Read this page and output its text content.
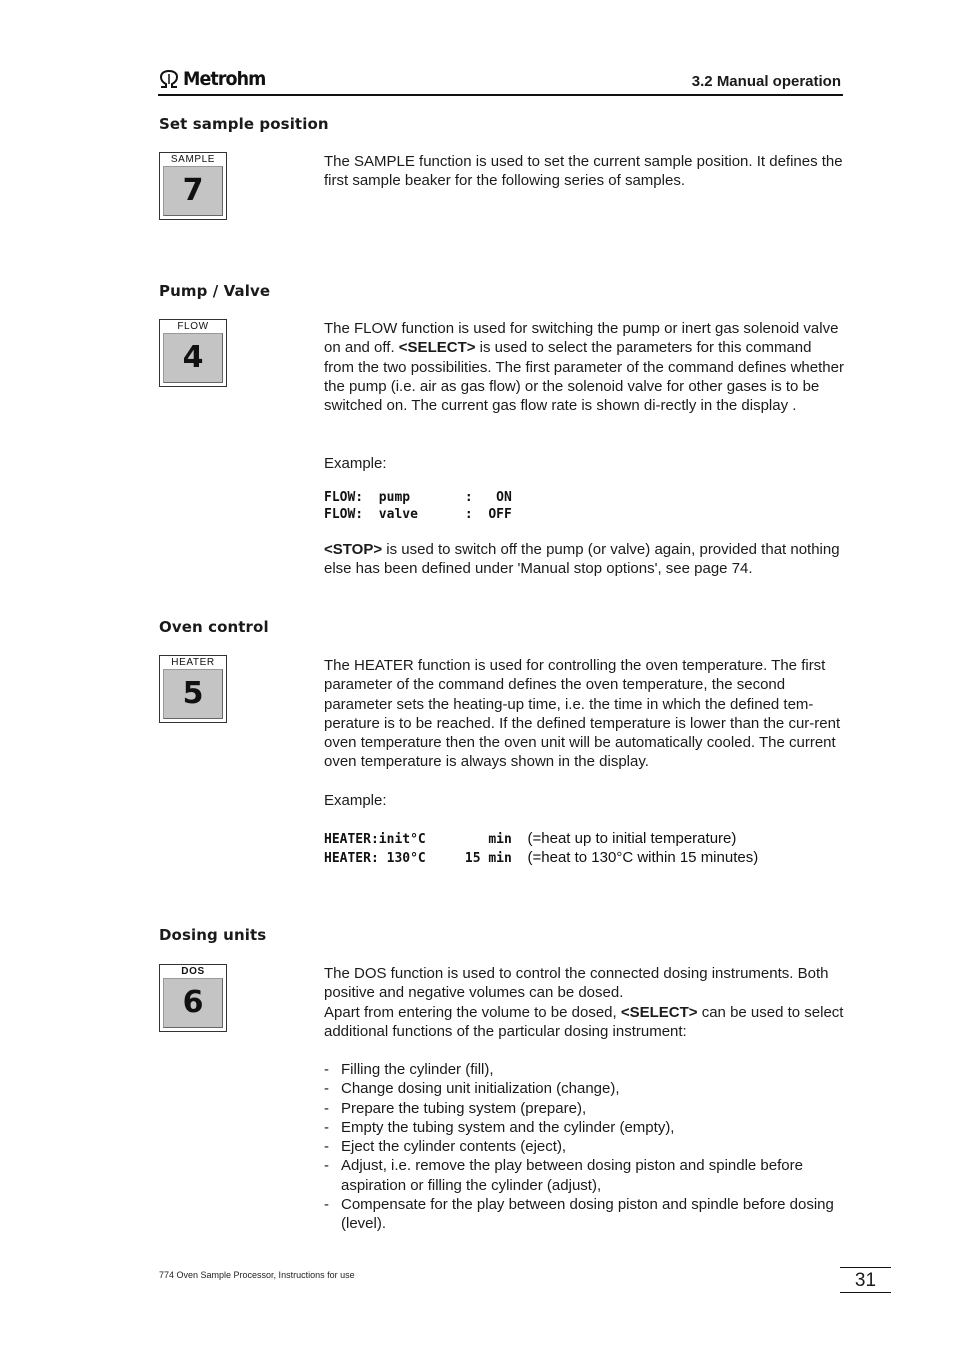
Metrohm	3.2 Manual operation
Set sample position
SAMPLE
7
The SAMPLE function is used to set the current sample position. It defines the first sample beaker for the following series of samples.
Pump / Valve
FLOW
4
The FLOW function is used for switching the pump or inert gas solenoid valve on and off. <SELECT> is used to select the parameters for this command from the two possibilities. The first parameter of the command defines whether the pump (i.e. air as gas flow) or the solenoid valve for other gases is to be switched on. The current gas flow rate is shown di-rectly in the display .
Example:
FLOW:  pump       :   ON
FLOW:  valve      :  OFF
<STOP> is used to switch off the pump (or valve) again, provided that nothing else has been defined under 'Manual stop options', see page 74.
Oven control
HEATER
5
The HEATER function is used for controlling the oven temperature. The first parameter of the command defines the oven temperature, the second parameter sets the heating-up time, i.e. the time in which the defined tem-perature is to be reached. If the defined temperature is lower than the cur-rent oven temperature then the oven unit will be automatically cooled. The current oven temperature is always shown in the display.
Example:
HEATER:init°C        min (=heat up to initial temperature)
HEATER: 130°C     15 min (=heat to 130°C within 15 minutes)
Dosing units
DOS
6
The DOS function is used to control the connected dosing instruments. Both positive and negative volumes can be dosed.
Apart from entering the volume to be dosed, <SELECT> can be used to select additional functions of the particular dosing instrument:
- Filling the cylinder (fill),
- Change dosing unit initialization (change),
- Prepare the tubing system (prepare),
- Empty the tubing system and the cylinder (empty),
- Eject the cylinder contents (eject),
- Adjust, i.e. remove the play between dosing piston and spindle before aspiration or filling the cylinder (adjust),
- Compensate for the play between dosing piston and spindle before dosing (level).
774 Oven Sample Processor, Instructions for use	31
